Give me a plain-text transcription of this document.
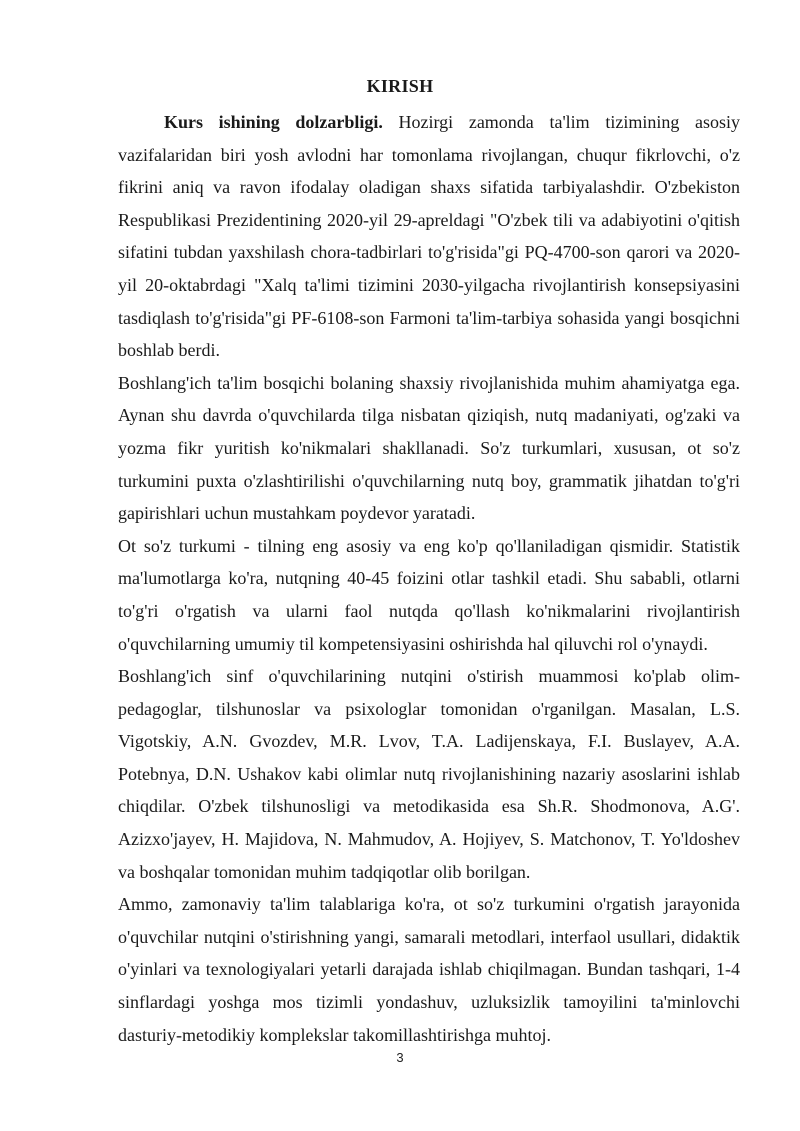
KIRISH

Kurs ishining dolzarbligi. Hozirgi zamonda ta'lim tizimining asosiy vazifalaridan biri yosh avlodni har tomonlama rivojlangan, chuqur fikrlovchi, o'z fikrini aniq va ravon ifodalay oladigan shaxs sifatida tarbiyalashdir. O'zbekiston Respublikasi Prezidentining 2020-yil 29-apreldagi "O'zbek tili va adabiyotini o'qitish sifatini tubdan yaxshilash chora-tadbirlari to'g'risida"gi PQ-4700-son qarori va 2020-yil 20-oktabrdagi "Xalq ta'limi tizimini 2030-yilgacha rivojlantirish konsepsiyasini tasdiqlash to'g'risida"gi PF-6108-son Farmoni ta'lim-tarbiya sohasida yangi bosqichni boshlab berdi.

Boshlang'ich ta'lim bosqichi bolaning shaxsiy rivojlanishida muhim ahamiyatga ega. Aynan shu davrda o'quvchilarda tilga nisbatan qiziqish, nutq madaniyati, og'zaki va yozma fikr yuritish ko'nikmalari shakllanadi. So'z turkumlari, xususan, ot so'z turkumini puxta o'zlashtirilishi o'quvchilarning nutq boy, grammatik jihatdan to'g'ri gapirishlari uchun mustahkam poydevor yaratadi.

Ot so'z turkumi - tilning eng asosiy va eng ko'p qo'llaniladigan qismidir. Statistik ma'lumotlarga ko'ra, nutqning 40-45 foizini otlar tashkil etadi. Shu sababli, otlarni to'g'ri o'rgatish va ularni faol nutqda qo'llash ko'nikmalarini rivojlantirish o'quvchilarning umumiy til kompetensiyasini oshirishda hal qiluvchi rol o'ynaydi.

Boshlang'ich sinf o'quvchilarining nutqini o'stirish muammosi ko'plab olim-pedagoglar, tilshunoslar va psixologlar tomonidan o'rganilgan. Masalan, L.S. Vigotskiy, A.N. Gvozdev, M.R. Lvov, T.A. Ladijenskaya, F.I. Buslayev, A.A. Potebnya, D.N. Ushakov kabi olimlar nutq rivojlanishining nazariy asoslarini ishlab chiqdilar. O'zbek tilshunosligi va metodikasida esa Sh.R. Shodmonova, A.G'. Azizxo'jayev, H. Majidova, N. Mahmudov, A. Hojiyev, S. Matchonov, T. Yo'ldoshev va boshqalar tomonidan muhim tadqiqotlar olib borilgan.

Ammo, zamonaviy ta'lim talablariga ko'ra, ot so'z turkumini o'rgatish jarayonida o'quvchilar nutqini o'stirishning yangi, samarali metodlari, interfaol usullari, didaktik o'yinlari va texnologiyalari yetarli darajada ishlab chiqilmagan. Bundan tashqari, 1-4 sinflardagi yoshga mos tizimli yondashuv, uzluksizlik tamoyilini ta'minlovchi dasturiy-metodikiy komplekslar takomillashtirishga muhtoj.

3
